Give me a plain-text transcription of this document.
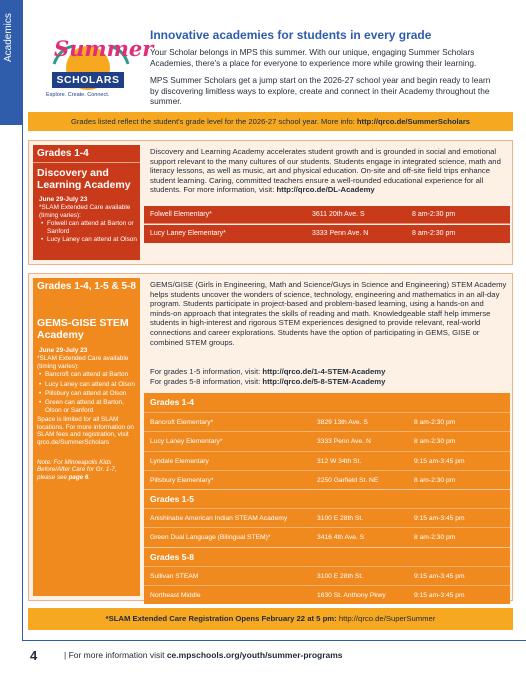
Academics Summer
SCHOLARS
Explore. Create. Connect.
Innovative academies for students in every grade

Your Scholar belongs in MPS this summer. With our unique, engaging Summer Scholars Academies, there's a place for everyone to experience more while growing their learning.

MPS Summer Scholars get a jump start on the 2026-27 school year and begin ready to learn by discovering limitless ways to explore, create and connect in their Academy throughout the summer.

Grades listed reflect the student's grade level for the 2026-27 school year. More info: http://qrco.de/SummerScholars
Grades 1-4
Discovery and Learning Academy
June 29-July 23
*SLAM Extended Care available (timing varies):
• Folwell can attend at Barton or Sanford
• Lucy Laney can attend at Olson
Discovery and Learning Academy accelerates student growth and is grounded in social and emotional support relevant to the many cultures of our students. Students engage in integrated science, math and literacy lessons, as well as music, art and physical education. On-site and off-site field trips enhance student learning. Caring, committed teachers ensure a well-rounded educational experience for all students. For more information, visit: http://qrco.de/DL-Academy
Folwell Elementary*	3611 20th Ave. S	8 am-2:30 pm
Lucy Laney Elementary*	3333 Penn Ave. N	8 am-2:30 pm
Grades 1-4, 1-5 & 5-8
GEMS-GISE STEM Academy
June 29-July 23
*SLAM Extended Care available (timing varies):
• Bancroft can attend at Barton
• Lucy Laney can attend at Olson
• Pillsbury can attend at Olson
• Green can attend at Barton, Olson or Sanford
Space is limited for all SLAM locations. For more information on SLAM fees and registration, visit qrco.de/SummerScholars
Note: For Minneapolis Kids Before/After Care for Gr. 1-7, please see page 6.
GEMS/GISE (Girls in Engineering, Math and Science/Guys in Science and Engineering) STEM Academy helps students uncover the wonders of science, technology, engineering and mathematics in an all-day program. Students participate in project-based and problem-based learning, using a hands-on and minds-on approach that integrates the skills of reading and math. Knowledgeable staff help immerse students in high-interest and rigorous STEM experiences designed to provide relevant, real-world connections and career explorations. Students have the option of participating in GEMS, GISE or combined STEM groups.
For grades 1-5 information, visit: http://qrco.de/1-4-STEM-Academy
For grades 5-8 information, visit: http://qrco.de/5-8-STEM-Academy
Grades 1-4
Bancroft Elementary*	3829 13th Ave. S	8 am-2:30 pm
Lucy Laney Elementary*	3333 Penn Ave. N	8 am-2:30 pm
Lyndale Elementary	312 W 34th St.	9:15 am-3:45 pm
Pillsbury Elementary*	2250 Garfield St. NE	8 am-2:30 pm
Grades 1-5
Anishinabe American Indian STEAM Academy	3100 E 28th St.	9:15 am-3:45 pm
Green Dual Language (Bilingual STEM)*	3416 4th Ave. S	8 am-2:30 pm
Grades 5-8
Sullivan STEAM	3100 E 28th St.	9:15 am-3:45 pm
Northeast Middle	1630 St. Anthony Pkwy	9:15 am-3:45 pm
*SLAM Extended Care Registration Opens February 22 at 5 pm: http://qrco.de/SuperSummer
4	| For more information visit ce.mpschools.org/youth/summer-programs
